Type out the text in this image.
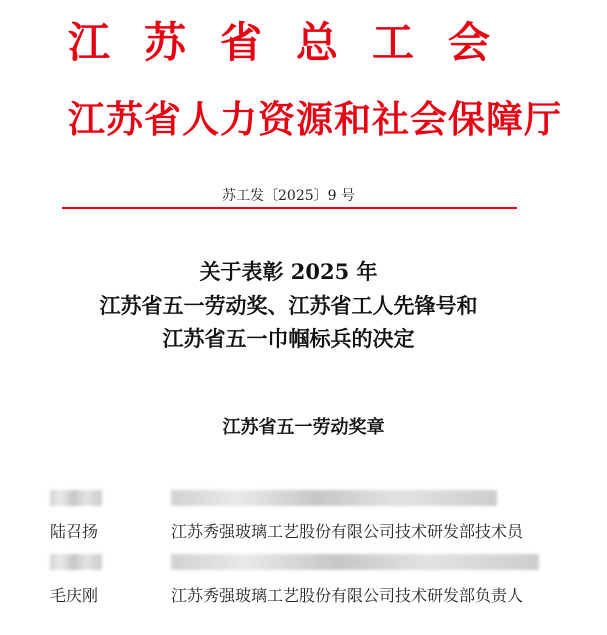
江苏省总工会
江苏省人力资源和社会保障厅
苏工发〔2025〕9 号
关于表彰 2025 年
江苏省五一劳动奖、江苏省工人先锋号和
江苏省五一巾帼标兵的决定
江苏省五一劳动奖章
陆召扬	江苏秀强玻璃工艺股份有限公司技术研发部技术员
毛庆刚	江苏秀强玻璃工艺股份有限公司技术研发部负责人
